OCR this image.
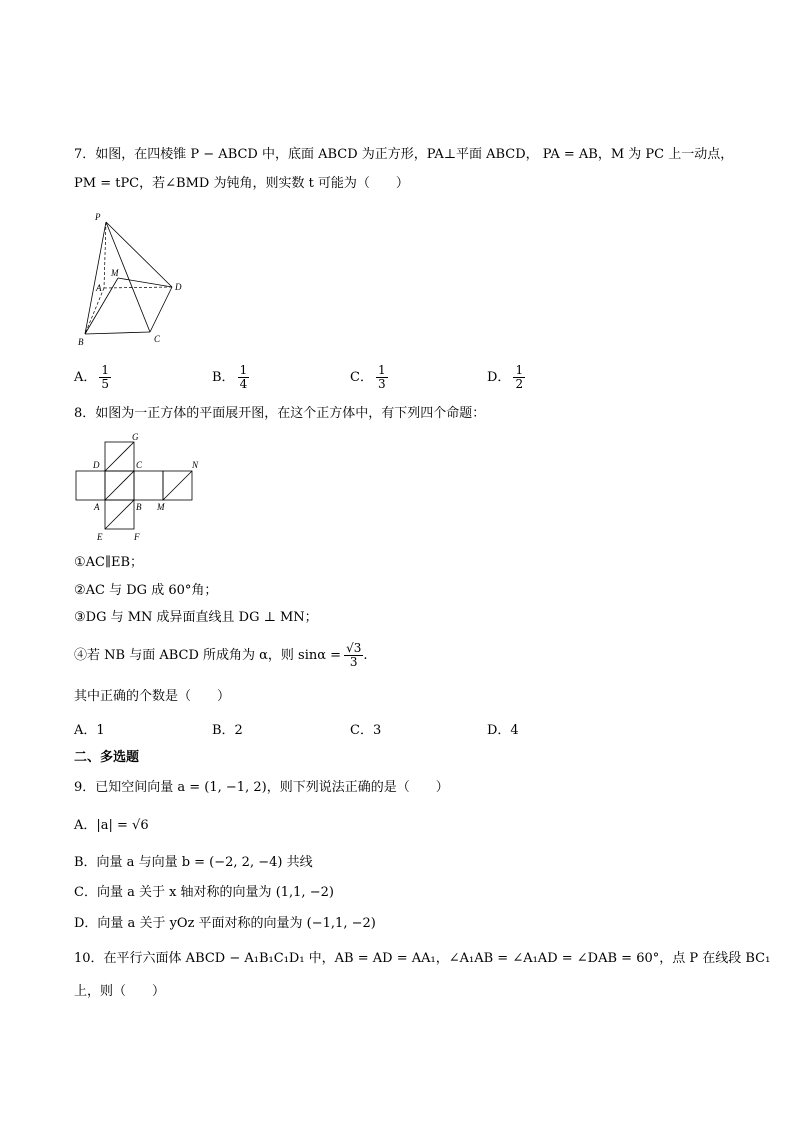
7．如图，在四棱锥 P − ABCD 中，底面 ABCD 为正方形，PA⊥平面 ABCD， PA = AB，M 为 PC 上一动点，
PM = tPC，若∠BMD 为钝角，则实数 t 可能为（　　）
P
M
A	D
B	C
A． $\frac{1}{5}$	B． $\frac{1}{4}$	C． $\frac{1}{3}$	D． $\frac{1}{2}$
8．如图为一正方体的平面展开图，在这个正方体中，有下列四个命题：
G
D	C	N
A	B M
E	F
①AC∥EB；
②AC 与 DG 成 60°角；
③DG 与 MN 成异面直线且 DG ⊥ MN；
④若 NB 与面 ABCD 所成角为 α，则 $\sin\alpha = \frac{√3}{3}$ .
其中正确的个数是（　　）
A．1	B．2	C．3	D．4
二、多选题
9．已知空间向量 a = (1, −1, 2)，则下列说法正确的是（　　）
A．|a| = √6
B．向量 a 与向量 b = (−2, 2, −4) 共线
C．向量 a 关于 x 轴对称的向量为 (1,1, −2)
D．向量 a 关于 yOz 平面对称的向量为 (−1,1, −2)
10．在平行六面体 ABCD − A₁B₁C₁D₁ 中，AB = AD = AA₁，∠A₁AB = ∠A₁AD = ∠DAB = 60°，点 P 在线段 BC₁
上，则（　　）
